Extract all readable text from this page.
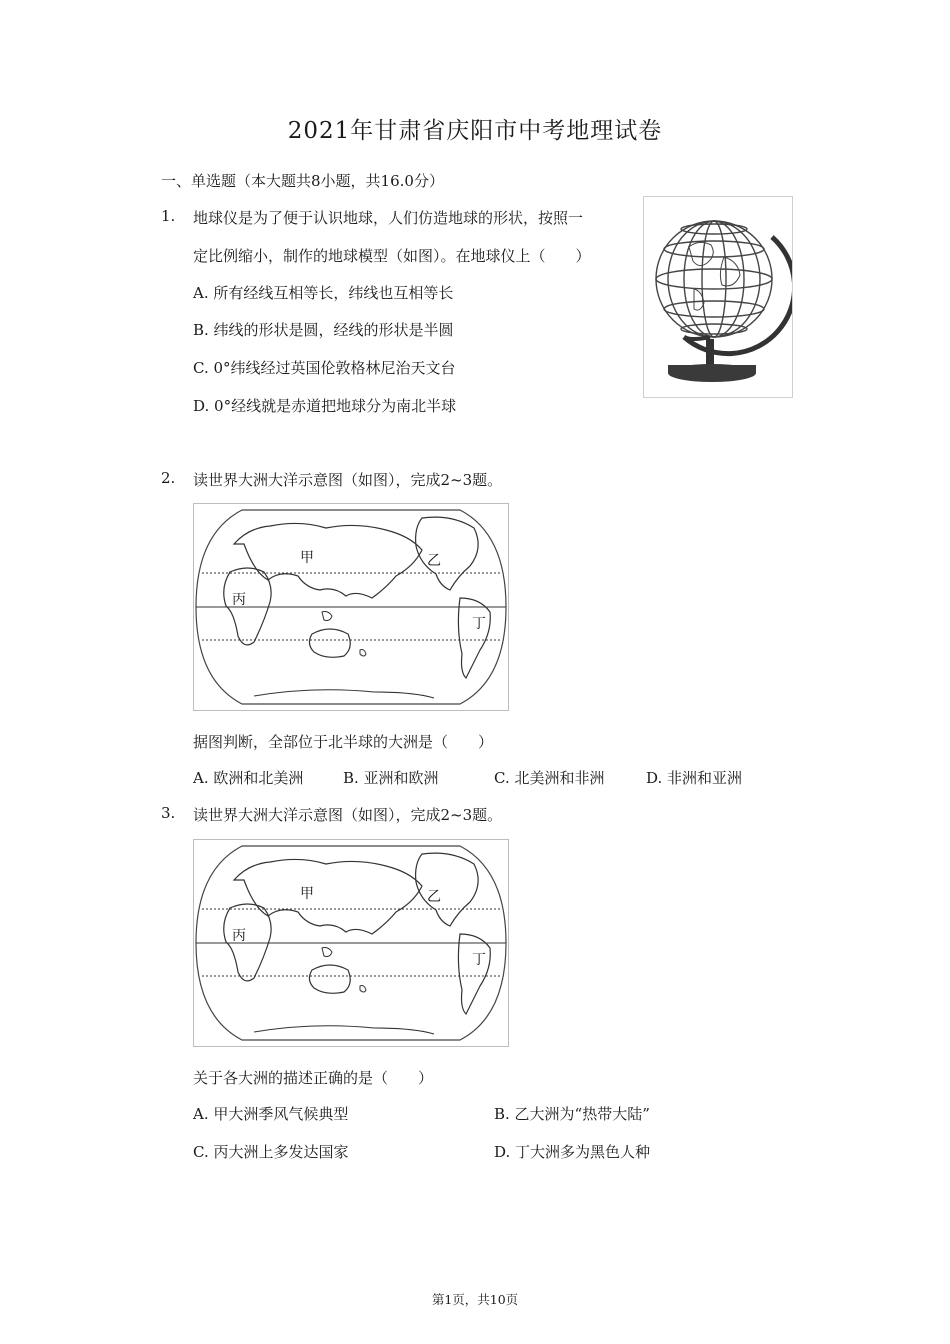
2021年甘肃省庆阳市中考地理试卷
一、单选题（本大题共8小题，共16.0分）
1. 地球仪是为了便于认识地球，人们仿造地球的形状，按照一
定比例缩小，制作的地球模型（如图）。在地球仪上（　　）
A. 所有经线互相等长，纬线也互相等长
B. 纬线的形状是圆，经线的形状是半圆
C. 0°纬线经过英国伦敦格林尼治天文台
D. 0°经线就是赤道把地球分为南北半球
2. 读世界大洲大洋示意图（如图），完成2~3题。
甲	乙
丙
丁
据图判断，全部位于北半球的大洲是（　　）
A. 欧洲和北美洲	B. 亚洲和欧洲	C. 北美洲和非洲	D. 非洲和亚洲
3. 读世界大洲大洋示意图（如图），完成2~3题。
甲	乙
丙
丁
关于各大洲的描述正确的是（　　）
A. 甲大洲季风气候典型	B. 乙大洲为“热带大陆”
C. 丙大洲上多发达国家	D. 丁大洲多为黑色人种
第1页，共10页
